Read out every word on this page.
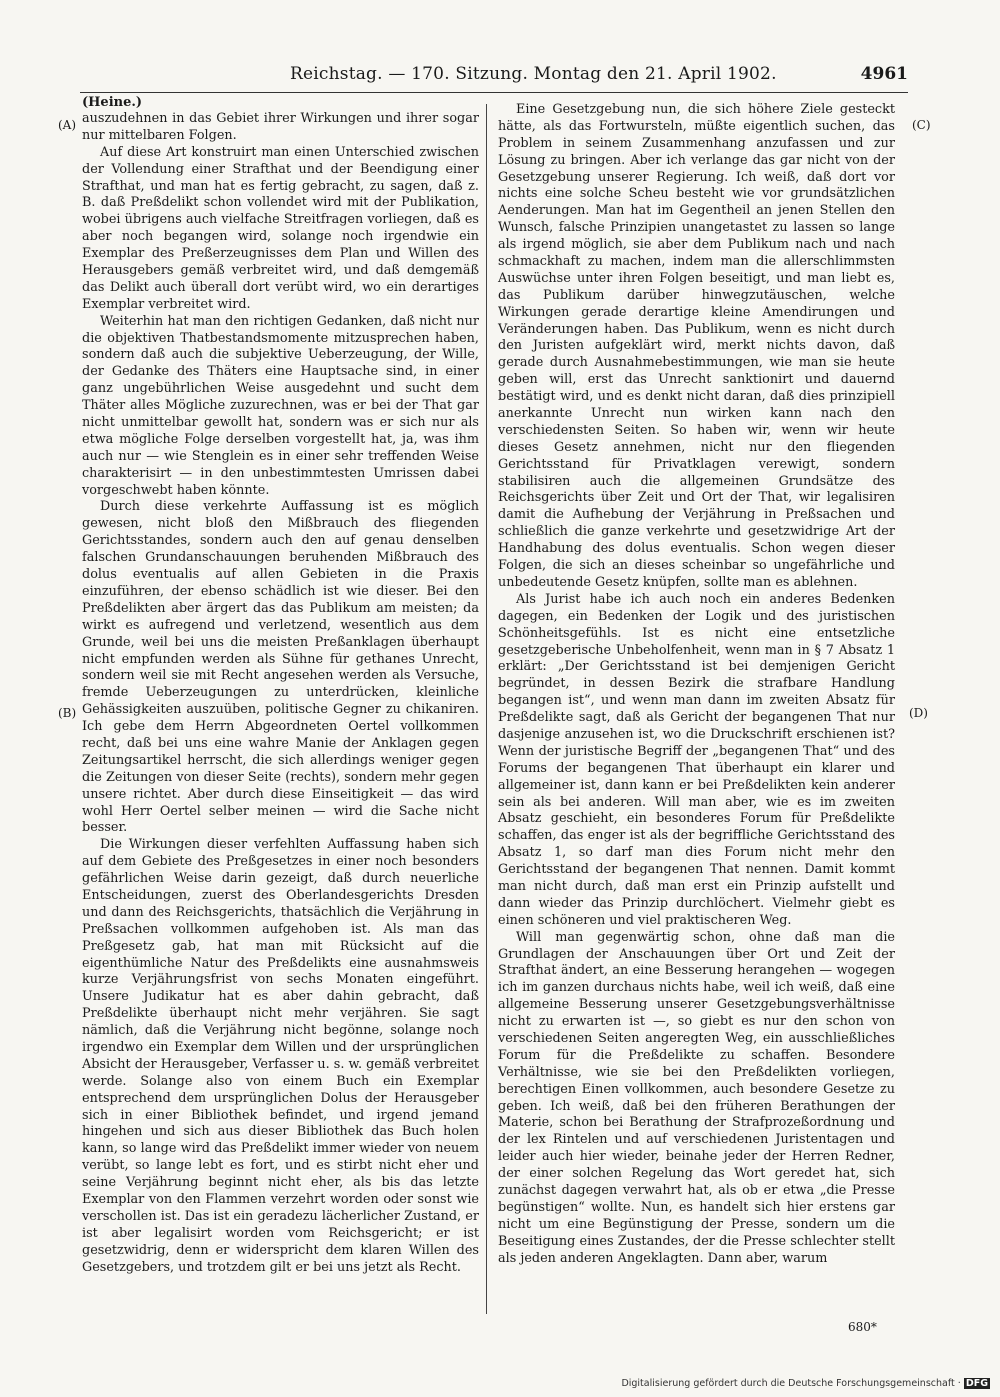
Reichstag. — 170. Sitzung. Montag den 21. April 1902.	4961
(Heine.)
(A)
(B)
(C)
(D)

auszudehnen in das Gebiet ihrer Wirkungen und ihrer sogar nur mittelbaren Folgen.

Auf diese Art konstruirt man einen Unterschied zwischen der Vollendung einer Strafthat und der Beendigung einer Strafthat, und man hat es fertig gebracht, zu sagen, daß z. B. daß Preßdelikt schon vollendet wird mit der Publikation, wobei übrigens auch vielfache Streitfragen vorliegen, daß es aber noch begangen wird, solange noch irgendwie ein Exemplar des Preßerzeugnisses dem Plan und Willen des Herausgebers gemäß verbreitet wird, und daß demgemäß das Delikt auch überall dort verübt wird, wo ein derartiges Exemplar verbreitet wird.

Weiterhin hat man den richtigen Gedanken, daß nicht nur die objektiven Thatbestandsmomente mitzusprechen haben, sondern daß auch die subjektive Ueberzeugung, der Wille, der Gedanke des Thäters eine Hauptsache sind, in einer ganz ungebührlichen Weise ausgedehnt und sucht dem Thäter alles Mögliche zuzurechnen, was er bei der That gar nicht unmittelbar gewollt hat, sondern was er sich nur als etwa mögliche Folge derselben vorgestellt hat, ja, was ihm auch nur — wie Stenglein es in einer sehr treffenden Weise charakterisirt — in den unbestimmtesten Umrissen dabei vorgeschwebt haben könnte.

Durch diese verkehrte Auffassung ist es möglich gewesen, nicht bloß den Mißbrauch des fliegenden Gerichtsstandes, sondern auch den auf genau denselben falschen Grundanschauungen beruhenden Mißbrauch des dolus eventualis auf allen Gebieten in die Praxis einzuführen, der ebenso schädlich ist wie dieser. Bei den Preßdelikten aber ärgert das das Publikum am meisten; da wirkt es aufregend und verletzend, wesentlich aus dem Grunde, weil bei uns die meisten Preßanklagen überhaupt nicht empfunden werden als Sühne für gethanes Unrecht, sondern weil sie mit Recht angesehen werden als Versuche, fremde Ueberzeugungen zu unterdrücken, kleinliche Gehässigkeiten auszuüben, politische Gegner zu chikaniren. Ich gebe dem Herrn Abgeordneten Oertel vollkommen recht, daß bei uns eine wahre Manie der Anklagen gegen Zeitungsartikel herrscht, die sich allerdings weniger gegen die Zeitungen von dieser Seite (rechts), sondern mehr gegen unsere richtet. Aber durch diese Einseitigkeit — das wird wohl Herr Oertel selber meinen — wird die Sache nicht besser.

Die Wirkungen dieser verfehlten Auffassung haben sich auf dem Gebiete des Preßgesetzes in einer noch besonders gefährlichen Weise darin gezeigt, daß durch neuerliche Entscheidungen, zuerst des Oberlandesgerichts Dresden und dann des Reichsgerichts, thatsächlich die Verjährung in Preßsachen vollkommen aufgehoben ist. Als man das Preßgesetz gab, hat man mit Rücksicht auf die eigenthümliche Natur des Preßdelikts eine ausnahmsweis kurze Verjährungsfrist von sechs Monaten eingeführt. Unsere Judikatur hat es aber dahin gebracht, daß Preßdelikte überhaupt nicht mehr verjähren. Sie sagt nämlich, daß die Verjährung nicht begönne, solange noch irgendwo ein Exemplar dem Willen und der ursprünglichen Absicht der Herausgeber, Verfasser u. s. w. gemäß verbreitet werde. Solange also von einem Buch ein Exemplar entsprechend dem ursprünglichen Dolus der Herausgeber sich in einer Bibliothek befindet, und irgend jemand hingehen und sich aus dieser Bibliothek das Buch holen kann, so lange wird das Preßdelikt immer wieder von neuem verübt, so lange lebt es fort, und es stirbt nicht eher und seine Verjährung beginnt nicht eher, als bis das letzte Exemplar von den Flammen verzehrt worden oder sonst wie verschollen ist. Das ist ein geradezu lächerlicher Zustand, er ist aber legalisirt worden vom Reichsgericht; er ist gesetzwidrig, denn er widerspricht dem klaren Willen des Gesetzgebers, und trotzdem gilt er bei uns jetzt als Recht.

Eine Gesetzgebung nun, die sich höhere Ziele gesteckt hätte, als das Fortwursteln, müßte eigentlich suchen, das Problem in seinem Zusammenhang anzufassen und zur Lösung zu bringen. Aber ich verlange das gar nicht von der Gesetzgebung unserer Regierung. Ich weiß, daß dort vor nichts eine solche Scheu besteht wie vor grundsätzlichen Aenderungen. Man hat im Gegentheil an jenen Stellen den Wunsch, falsche Prinzipien unangetastet zu lassen so lange als irgend möglich, sie aber dem Publikum nach und nach schmackhaft zu machen, indem man die allerschlimmsten Auswüchse unter ihren Folgen beseitigt, und man liebt es, das Publikum darüber hinwegzutäuschen, welche Wirkungen gerade derartige kleine Amendirungen und Veränderungen haben. Das Publikum, wenn es nicht durch den Juristen aufgeklärt wird, merkt nichts davon, daß gerade durch Ausnahmebestimmungen, wie man sie heute geben will, erst das Unrecht sanktionirt und dauernd bestätigt wird, und es denkt nicht daran, daß dies prinzipiell anerkannte Unrecht nun wirken kann nach den verschiedensten Seiten. So haben wir, wenn wir heute dieses Gesetz annehmen, nicht nur den fliegenden Gerichtsstand für Privatklagen verewigt, sondern stabilisiren auch die allgemeinen Grundsätze des Reichsgerichts über Zeit und Ort der That, wir legalisiren damit die Aufhebung der Verjährung in Preßsachen und schließlich die ganze verkehrte und gesetzwidrige Art der Handhabung des dolus eventualis. Schon wegen dieser Folgen, die sich an dieses scheinbar so ungefährliche und unbedeutende Gesetz knüpfen, sollte man es ablehnen.

Als Jurist habe ich auch noch ein anderes Bedenken dagegen, ein Bedenken der Logik und des juristischen Schönheitsgefühls. Ist es nicht eine entsetzliche gesetzgeberische Unbeholfenheit, wenn man in § 7 Absatz 1 erklärt: „Der Gerichtsstand ist bei demjenigen Gericht begründet, in dessen Bezirk die strafbare Handlung begangen ist“, und wenn man dann im zweiten Absatz für Preßdelikte sagt, daß als Gericht der begangenen That nur dasjenige anzusehen ist, wo die Druckschrift erschienen ist? Wenn der juristische Begriff der „begangenen That“ und des Forums der begangenen That überhaupt ein klarer und allgemeiner ist, dann kann er bei Preßdelikten kein anderer sein als bei anderen. Will man aber, wie es im zweiten Absatz geschieht, ein besonderes Forum für Preßdelikte schaffen, das enger ist als der begriffliche Gerichtsstand des Absatz 1, so darf man dies Forum nicht mehr den Gerichtsstand der begangenen That nennen. Damit kommt man nicht durch, daß man erst ein Prinzip aufstellt und dann wieder das Prinzip durchlöchert. Vielmehr giebt es einen schöneren und viel praktischeren Weg.

Will man gegenwärtig schon, ohne daß man die Grundlagen der Anschauungen über Ort und Zeit der Strafthat ändert, an eine Besserung herangehen — wogegen ich im ganzen durchaus nichts habe, weil ich weiß, daß eine allgemeine Besserung unserer Gesetzgebungsverhältnisse nicht zu erwarten ist —, so giebt es nur den schon von verschiedenen Seiten angeregten Weg, ein ausschließliches Forum für die Preßdelikte zu schaffen. Besondere Verhältnisse, wie sie bei den Preßdelikten vorliegen, berechtigen Einen vollkommen, auch besondere Gesetze zu geben. Ich weiß, daß bei den früheren Berathungen der Materie, schon bei Berathung der Strafprozeßordnung und der lex Rintelen und auf verschiedenen Juristentagen und leider auch hier wieder, beinahe jeder der Herren Redner, der einer solchen Regelung das Wort geredet hat, sich zunächst dagegen verwahrt hat, als ob er etwa „die Presse begünstigen“ wollte. Nun, es handelt sich hier erstens gar nicht um eine Begünstigung der Presse, sondern um die Beseitigung eines Zustandes, der die Presse schlechter stellt als jeden anderen Angeklagten. Dann aber, warum

680*
Digitalisierung gefördert durch die Deutsche Forschungsgemeinschaft · DFG
